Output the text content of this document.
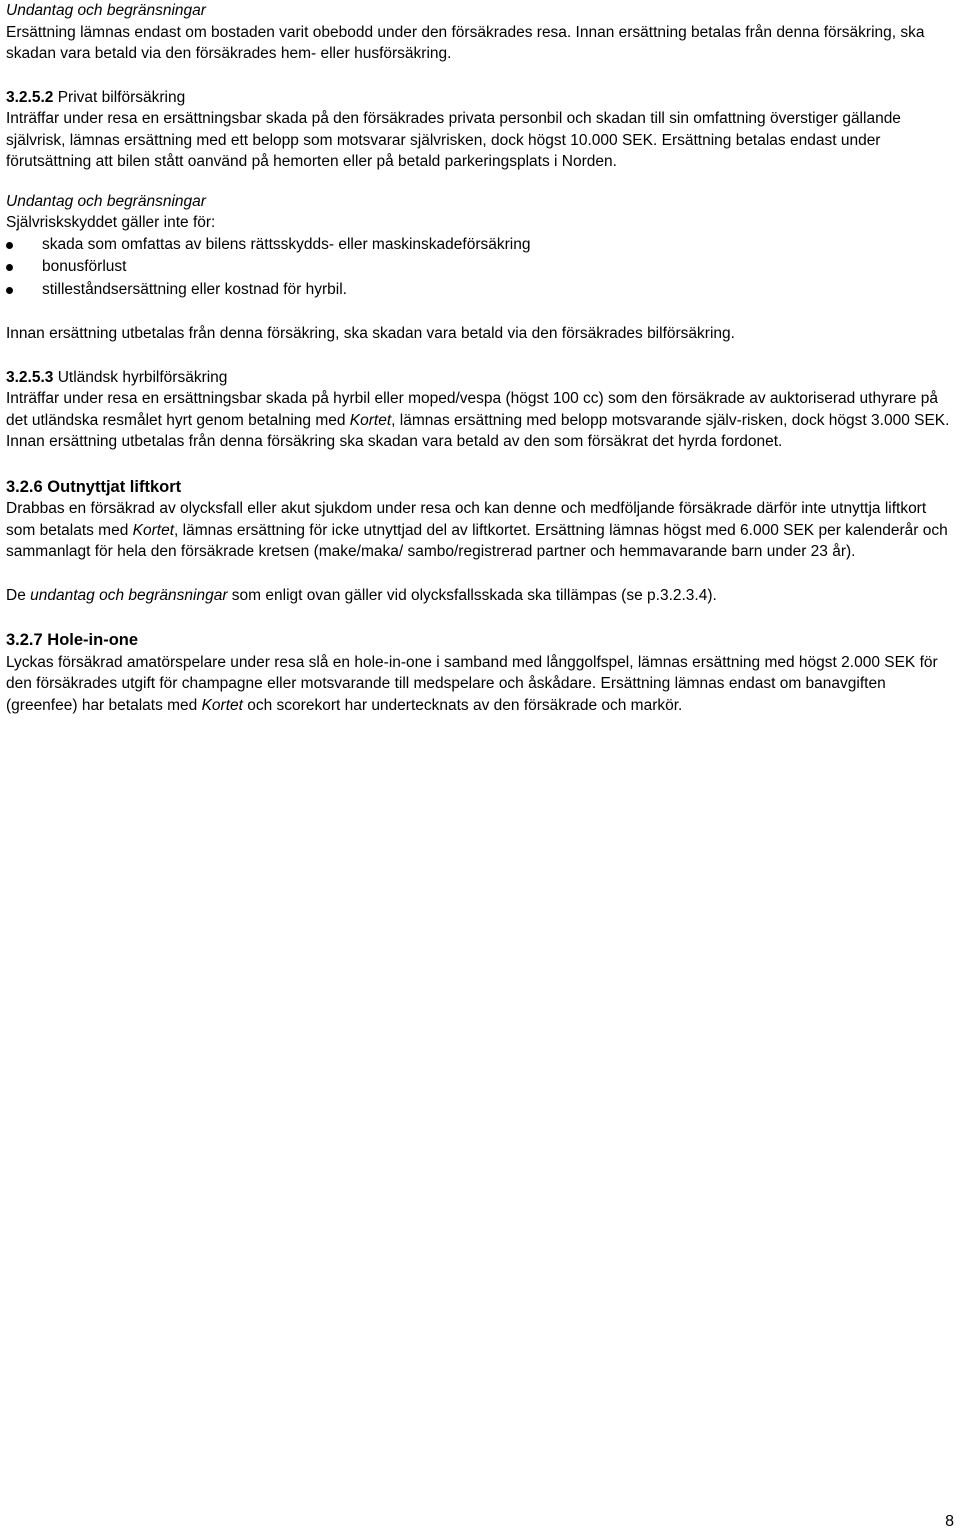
Undantag och begränsningar

Ersättning lämnas endast om bostaden varit obebodd under den försäkrades resa. Innan ersättning betalas från denna försäkring, ska skadan vara betald via den försäkrades hem- eller husförsäkring.

3.2.5.2 Privat bilförsäkring

Inträffar under resa en ersättningsbar skada på den försäkrades privata personbil och skadan till sin omfattning överstiger gällande självrisk, lämnas ersättning med ett belopp som motsvarar självrisken, dock högst 10.000 SEK. Ersättning betalas endast under förutsättning att bilen stått oanvänd på hemorten eller på betald parkeringsplats i Norden.

Undantag och begränsningar

Självriskskyddet gäller inte för:

skada som omfattas av bilens rättsskydds- eller maskinskadeförsäkring
bonusförlust
stilleståndsersättning eller kostnad för hyrbil.

Innan ersättning utbetalas från denna försäkring, ska skadan vara betald via den försäkrades bilförsäkring.

3.2.5.3 Utländsk hyrbilförsäkring

Inträffar under resa en ersättningsbar skada på hyrbil eller moped/vespa (högst 100 cc) som den försäkrade av auktoriserad uthyrare på det utländska resmålet hyrt genom betalning med Kortet, lämnas ersättning med belopp motsvarande själv-risken, dock högst 3.000 SEK. Innan ersättning utbetalas från denna försäkring ska skadan vara betald av den som försäkrat det hyrda fordonet.

3.2.6 Outnyttjat liftkort

Drabbas en försäkrad av olycksfall eller akut sjukdom under resa och kan denne och medföljande försäkrade därför inte utnyttja liftkort som betalats med Kortet, lämnas ersättning för icke utnyttjad del av liftkortet. Ersättning lämnas högst med 6.000 SEK per kalenderår och sammanlagt för hela den försäkrade kretsen (make/maka/ sambo/registrerad partner och hemmavarande barn under 23 år).

De undantag och begränsningar som enligt ovan gäller vid olycksfallsskada ska tillämpas (se p.3.2.3.4).

3.2.7 Hole-in-one

Lyckas försäkrad amatörspelare under resa slå en hole-in-one i samband med långgolfspel, lämnas ersättning med högst 2.000 SEK för den försäkrades utgift för champagne eller motsvarande till medspelare och åskådare. Ersättning lämnas endast om banavgiften (greenfee) har betalats med Kortet och scorekort har undertecknats av den försäkrade och markör.

8
